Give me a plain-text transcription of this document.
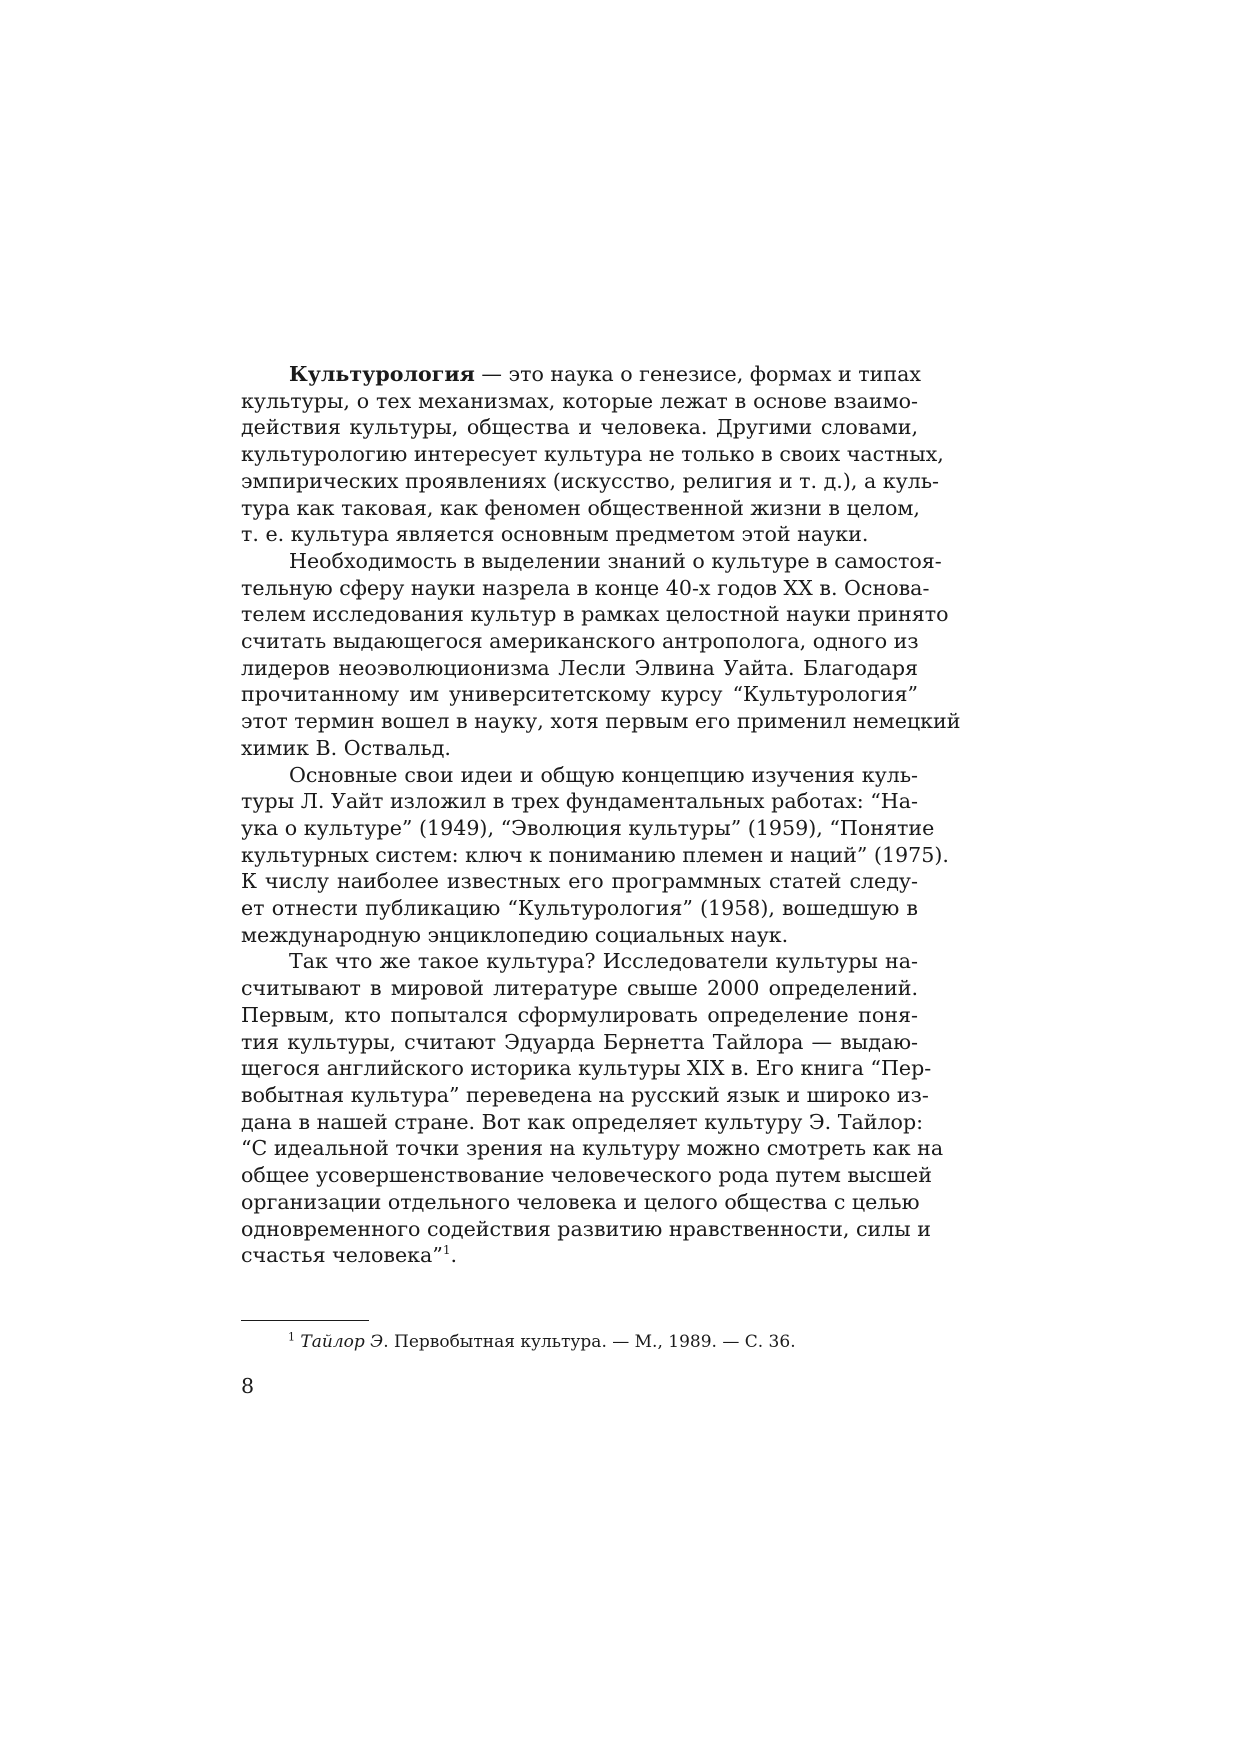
Культурология — это наука о генезисе, формах и типах
культуры, о тех механизмах, которые лежат в основе взаимо-
действия культуры, общества и человека. Другими словами,
культурологию интересует культура не только в своих частных,
эмпирических проявлениях (искусство, религия и т. д.), а куль-
тура как таковая, как феномен общественной жизни в целом,
т. е. культура является основным предметом этой науки.
Необходимость в выделении знаний о культуре в самостоя-
тельную сферу науки назрела в конце 40-х годов XX в. Основа-
телем исследования культур в рамках целостной науки принято
считать выдающегося американского антрополога, одного из
лидеров неоэволюционизма Лесли Элвина Уайта. Благодаря
прочитанному им университетскому курсу “Культурология”
этот термин вошел в науку, хотя первым его применил немецкий
химик В. Оствальд.
Основные свои идеи и общую концепцию изучения куль-
туры Л. Уайт изложил в трех фундаментальных работах: “На-
ука о культуре” (1949), “Эволюция культуры” (1959), “Понятие
культурных систем: ключ к пониманию племен и наций” (1975).
К числу наиболее известных его программных статей следу-
ет отнести публикацию “Культурология” (1958), вошедшую в
международную энциклопедию социальных наук.
Так что же такое культура? Исследователи культуры на-
считывают в мировой литературе свыше 2000 определений.
Первым, кто попытался сформулировать определение поня-
тия культуры, считают Эдуарда Бернетта Тайлора — выдаю-
щегося английского историка культуры XIX в. Его книга “Пер-
вобытная культура” переведена на русский язык и широко из-
дана в нашей стране. Вот как определяет культуру Э. Тайлор:
“С идеальной точки зрения на культуру можно смотреть как на
общее усовершенствование человеческого рода путем высшей
организации отдельного человека и целого общества с целью
одновременного содействия развитию нравственности, силы и
счастья человека”$^1$.
$^1$ Тайлор Э. Первобытная культура. — М., 1989. — С. 36.
8
